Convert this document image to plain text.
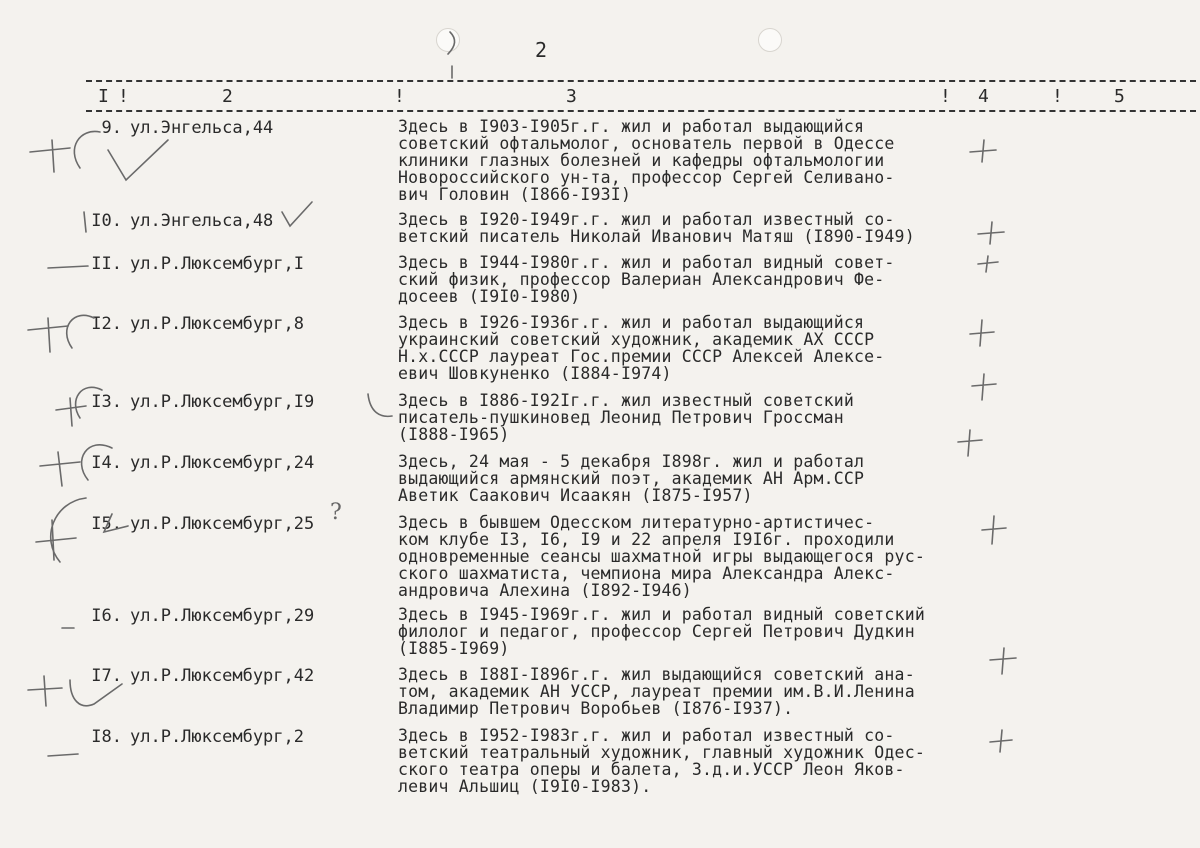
2
I !	2	!	3	! 4	!	5
9. ул.Энгельса,44	Здесь в I903-I905г.г. жил и работал выдающийся
советский офтальмолог, основатель первой в Одессе
клиники глазных болезней и кафедры офтальмологии
Новороссийского ун-та, профессор Сергей Селивано-
вич Головин (I866-I93I)
I0. ул.Энгельса,48	Здесь в I920-I949г.г. жил и работал известный со-
ветский писатель Николай Иванович Матяш (I890-I949)
II. ул.Р.Люксембург,I	Здесь в I944-I980г.г. жил и работал видный совет-
ский физик, профессор Валериан Александрович Фе-
досеев (I9I0-I980)
I2. ул.Р.Люксембург,8	Здесь в I926-I936г.г. жил и работал выдающийся
украинский советский художник, академик АХ СССР
Н.х.СССР лауреат Гос.премии СССР Алексей Алексе-
евич Шовкуненко (I884-I974)
I3. ул.Р.Люксембург,I9	Здесь в I886-I92Iг.г. жил известный советский
писатель-пушкиновед Леонид Петрович Гроссман
(I888-I965)
I4. ул.Р.Люксембург,24	Здесь, 24 мая - 5 декабря I898г. жил и работал
выдающийся армянский поэт, академик АН Арм.ССР
Аветик Саакович Исаакян (I875-I957)
I5. ул.Р.Люксембург,25	Здесь в бывшем Одесском литературно-артистичес-
ком клубе I3, I6, I9 и 22 апреля I9I6г. проходили
одновременные сеансы шахматной игры выдающегося рус-
ского шахматиста, чемпиона мира Александра Алекс-
андровича Алехина (I892-I946)
I6. ул.Р.Люксембург,29	Здесь в I945-I969г.г. жил и работал видный советский
филолог и педагог, профессор Сергей Петрович Дудкин
(I885-I969)
I7. ул.Р.Люксембург,42	Здесь в I88I-I896г.г. жил выдающийся советский ана-
том, академик АН УССР, лауреат премии им.В.И.Ленина
Владимир Петрович Воробьев (I876-I937).
I8. ул.Р.Люксембург,2	Здесь в I952-I983г.г. жил и работал известный со-
ветский театральный художник, главный художник Одес-
ского театра оперы и балета, З.д.и.УССР Леон Яков-
левич Альшиц (I9I0-I983).
?
